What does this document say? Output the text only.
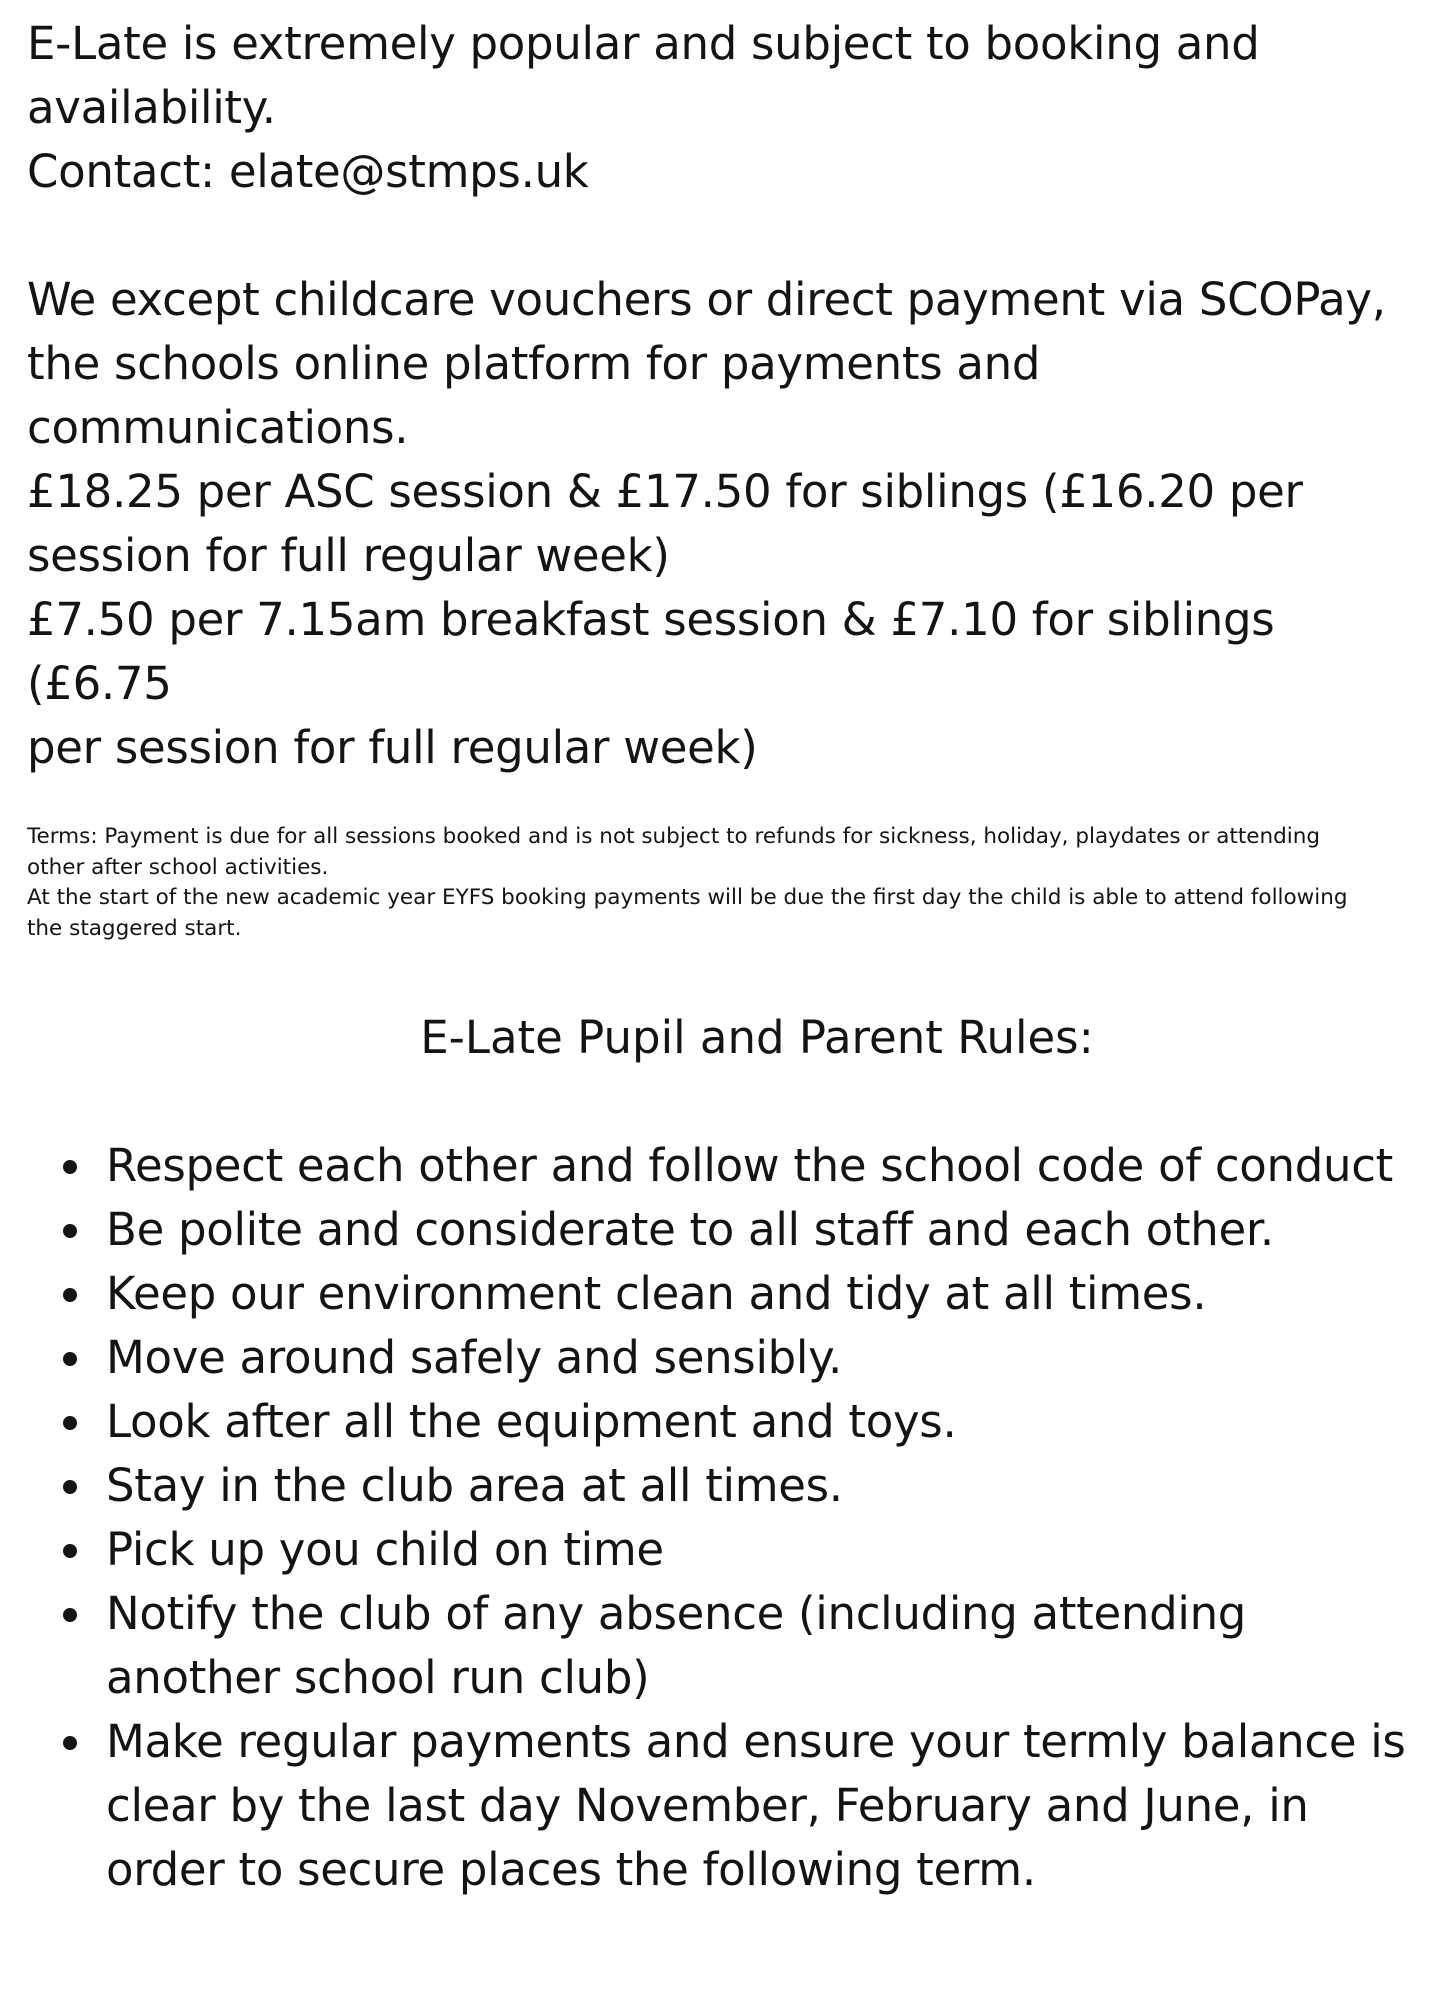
E-Late is extremely popular and subject to booking and

availability.

Contact: elate@stmps.uk

We except childcare vouchers or direct payment via SCOPay,

the schools online platform for payments and

communications.

£18.25 per ASC session & £17.50 for siblings (£16.20 per

session for full regular week)

£7.50 per 7.15am breakfast session & £7.10 for siblings (£6.75

per session for full regular week)

Terms: Payment is due for all sessions booked and is not subject to refunds for sickness, holiday, playdates or attending

other after school activities.

At the start of the new academic year EYFS booking payments will be due the first day the child is able to attend following

the staggered start.

E-Late Pupil and Parent Rules:
Respect each other and follow the school code of conduct
Be polite and considerate to all staff and each other.
Keep our environment clean and tidy at all times.
Move around safely and sensibly.
Look after all the equipment and toys.
Stay in the club area at all times.
Pick up you child on time
Notify the club of any absence (including attending
another school run club)
Make regular payments and ensure your termly balance is
clear by the last day November, February and June, in
order to secure places the following term.
